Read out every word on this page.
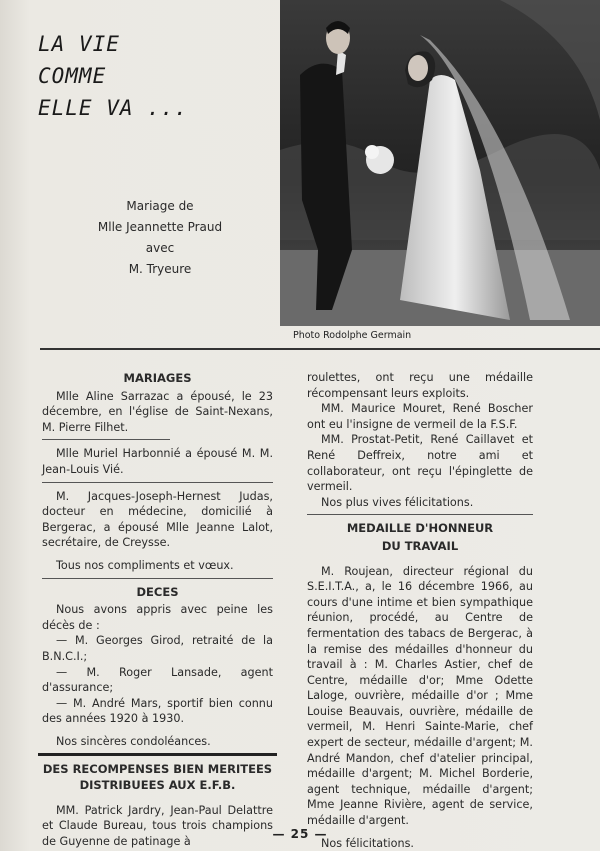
LA VIE
COMME
ELLE VA ...
Mariage de
Mlle Jeannette Praud
avec
M. Tryeure
Photo Rodolphe Germain
MARIAGES

Mlle Aline Sarrazac a épousé, le 23 décembre, en l'église de Saint-Nexans, M. Pierre Filhet.

Mlle Muriel Harbonnié a épousé M. M. Jean-Louis Vié.

M. Jacques-Joseph-Hernest Judas, docteur en médecine, domicilié à Bergerac, a épousé Mlle Jeanne Lalot, secrétaire, de Creysse.

Tous nos compliments et vœux.

DECES

Nous avons appris avec peine les décès de :

— M. Georges Girod, retraité de la B.N.C.I.;

— M. Roger Lansade, agent d'assurance;

— M. André Mars, sportif bien connu des années 1920 à 1930.

Nos sincères condoléances.

DES RECOMPENSES BIEN MERITEES DISTRIBUEES AUX E.F.B.

MM. Patrick Jardry, Jean-Paul Delattre et Claude Bureau, tous trois champions de Guyenne de patinage à

roulettes, ont reçu une médaille récompensant leurs exploits.

MM. Maurice Mouret, René Boscher ont eu l'insigne de vermeil de la F.S.F.

MM. Prostat-Petit, René Caillavet et René Deffreix, notre ami et collaborateur, ont reçu l'épinglette de vermeil.

Nos plus vives félicitations.

MEDAILLE D'HONNEUR
DU TRAVAIL

M. Roujean, directeur régional du S.E.I.T.A., a, le 16 décembre 1966, au cours d'une intime et bien sympathique réunion, procédé, au Centre de fermentation des tabacs de Bergerac, à la remise des médailles d'honneur du travail à : M. Charles Astier, chef de Centre, médaille d'or; Mme Odette Laloge, ouvrière, médaille d'or ; Mme Louise Beauvais, ouvrière, médaille de vermeil, M. Henri Sainte-Marie, chef expert de secteur, médaille d'argent; M. André Mandon, chef d'atelier principal, médaille d'argent; M. Michel Borderie, agent technique, médaille d'argent; Mme Jeanne Rivière, agent de service, médaille d'argent.

Nos félicitations.

— 25 —
